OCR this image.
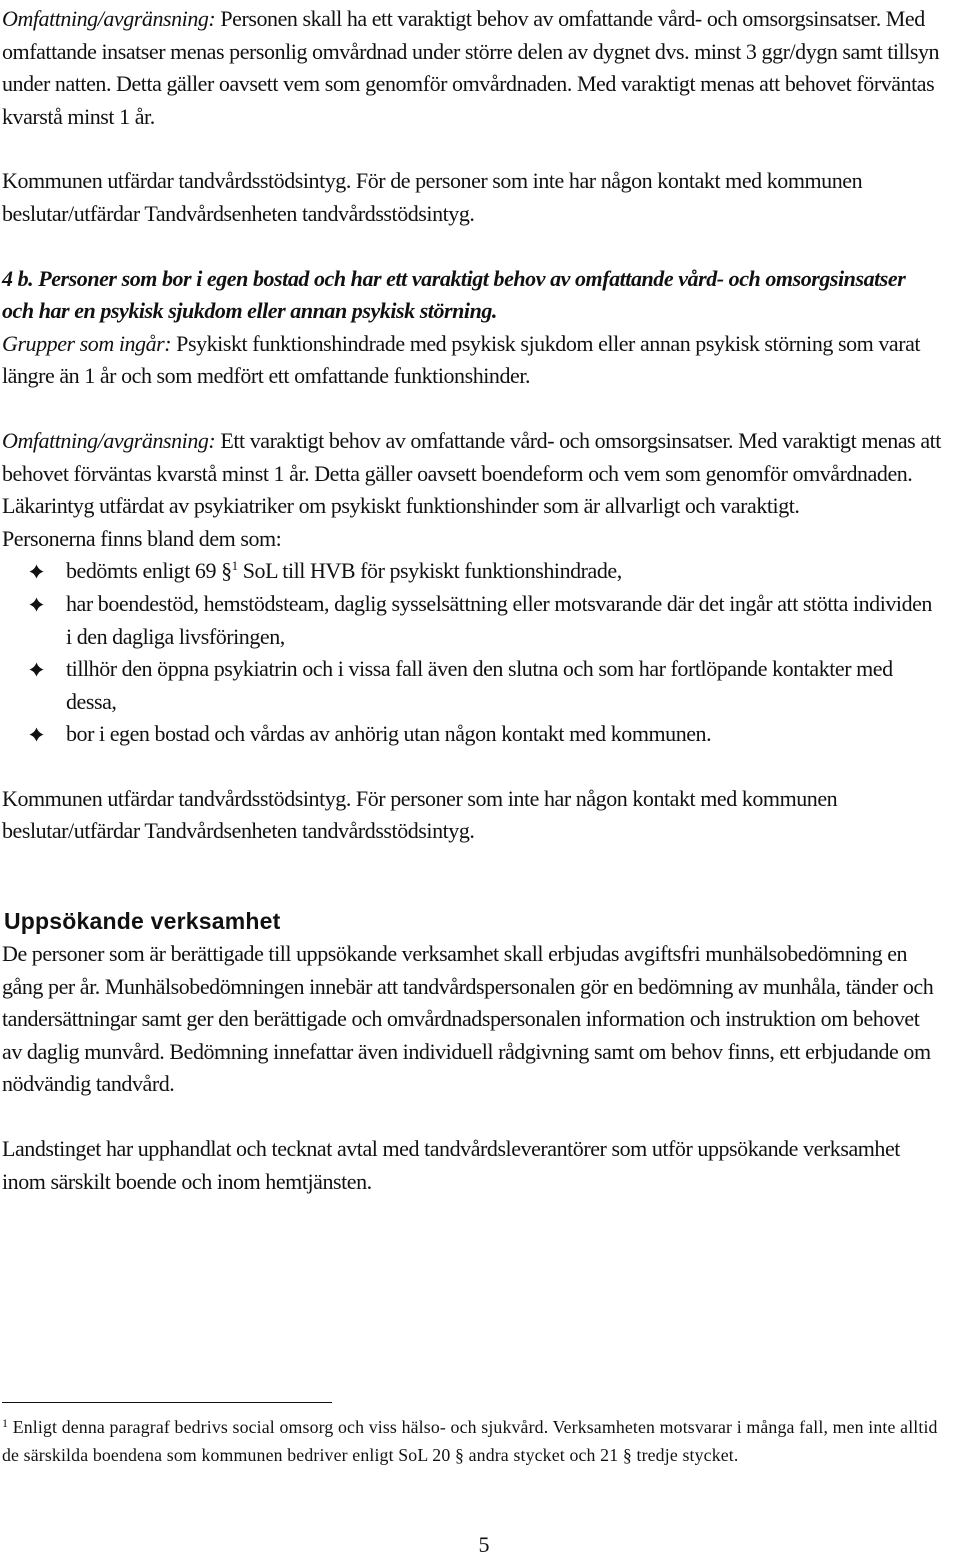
Omfattning/avgränsning: Personen skall ha ett varaktigt behov av omfattande vård- och omsorgsinsatser. Med omfattande insatser menas personlig omvårdnad under större delen av dygnet dvs. minst 3 ggr/dygn samt tillsyn under natten. Detta gäller oavsett vem som genomför omvårdnaden. Med varaktigt menas att behovet förväntas kvarstå minst 1 år.

Kommunen utfärdar tandvårdsstödsintyg. För de personer som inte har någon kontakt med kommunen beslutar/utfärdar Tandvårdsenheten tandvårdsstödsintyg.

4 b. Personer som bor i egen bostad och har ett varaktigt behov av omfattande vård- och omsorgsinsatser och har en psykisk sjukdom eller annan psykisk störning.

Grupper som ingår: Psykiskt funktionshindrade med psykisk sjukdom eller annan psykisk störning som varat längre än 1 år och som medfört ett omfattande funktionshinder.

Omfattning/avgränsning: Ett varaktigt behov av omfattande vård- och omsorgsinsatser. Med varaktigt menas att behovet förväntas kvarstå minst 1 år. Detta gäller oavsett boendeform och vem som genomför omvårdnaden. Läkarintyg utfärdat av psykiatriker om psykiskt funktionshinder som är allvarligt och varaktigt.

Personerna finns bland dem som:

bedömts enligt 69 §$^1$ SoL till HVB för psykiskt funktionshindrade,
har boendestöd, hemstödsteam, daglig sysselsättning eller motsvarande där det ingår att stötta individen i den dagliga livsföringen,
tillhör den öppna psykiatrin och i vissa fall även den slutna och som har fortlöpande kontakter med dessa,
bor i egen bostad och vårdas av anhörig utan någon kontakt med kommunen.

Kommunen utfärdar tandvårdsstödsintyg. För personer som inte har någon kontakt med kommunen beslutar/utfärdar Tandvårdsenheten tandvårdsstödsintyg.

Uppsökande verksamhet

De personer som är berättigade till uppsökande verksamhet skall erbjudas avgiftsfri munhälsobedömning en gång per år. Munhälsobedömningen innebär att tandvårdspersonalen gör en bedömning av munhåla, tänder och tandersättningar samt ger den berättigade och omvårdnadspersonalen information och instruktion om behovet av daglig munvård. Bedömning innefattar även individuell rådgivning samt om behov finns, ett erbjudande om nödvändig tandvård.

Landstinget har upphandlat och tecknat avtal med tandvårdsleverantörer som utför uppsökande verksamhet inom särskilt boende och inom hemtjänsten.

$^1$ Enligt denna paragraf bedrivs social omsorg och viss hälso- och sjukvård. Verksamheten motsvarar i många fall, men inte alltid de särskilda boendena som kommunen bedriver enligt SoL 20 § andra stycket och 21 § tredje stycket.

5
